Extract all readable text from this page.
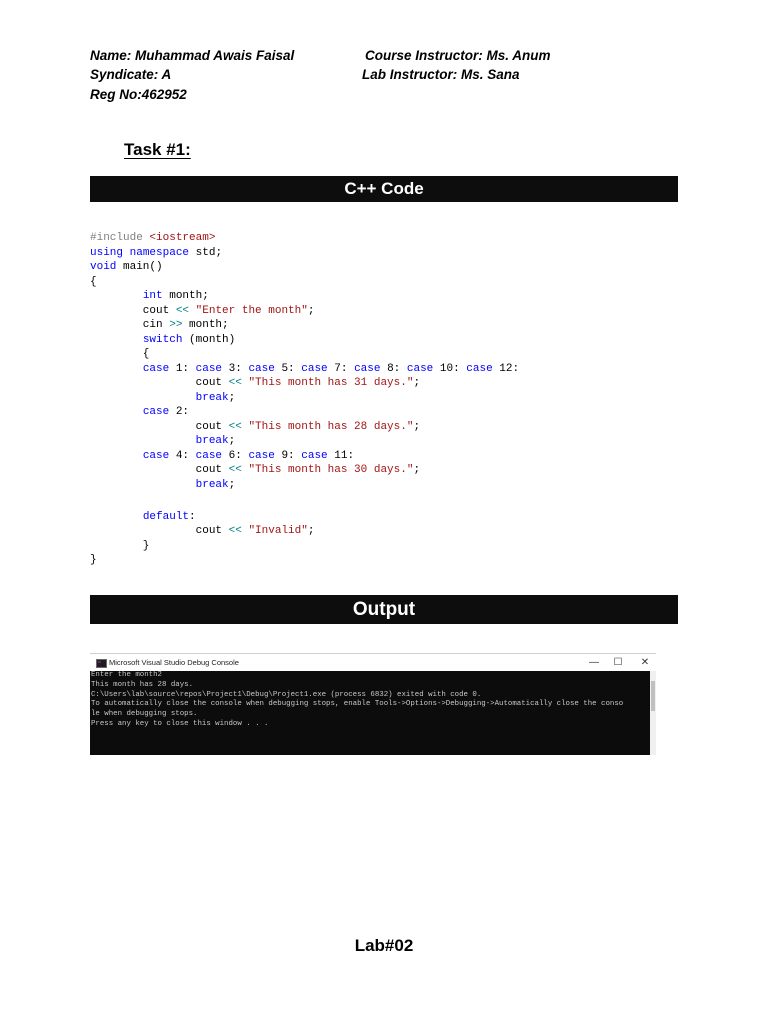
Name: Muhammad Awais Faisal
Syndicate: A
Reg No:462952
Course Instructor: Ms. Anum
Lab Instructor: Ms. Sana
Task #1:
C++ Code
#include <iostream>
using namespace std;
void main()
{
int month;
cout << "Enter the month";
cin >> month;
switch (month)
{
case 1: case 3: case 5: case 7: case 8: case 10: case 12:
cout << "This month has 31 days.";
break;
case 2:
cout << "This month has 28 days.";
break;
case 4: case 6: case 9: case 11:
cout << "This month has 30 days.";
break;
default:
cout << "Invalid";
}
}
Output
Microsoft Visual Studio Debug Console	—	☐	✕
Enter the month2
This month has 28 days.
C:\Users\lab\source\repos\Project1\Debug\Project1.exe (process 6832) exited with code 0.
To automatically close the console when debugging stops, enable Tools->Options->Debugging->Automatically close the conso
le when debugging stops.
Press any key to close this window . . .
Lab#02
